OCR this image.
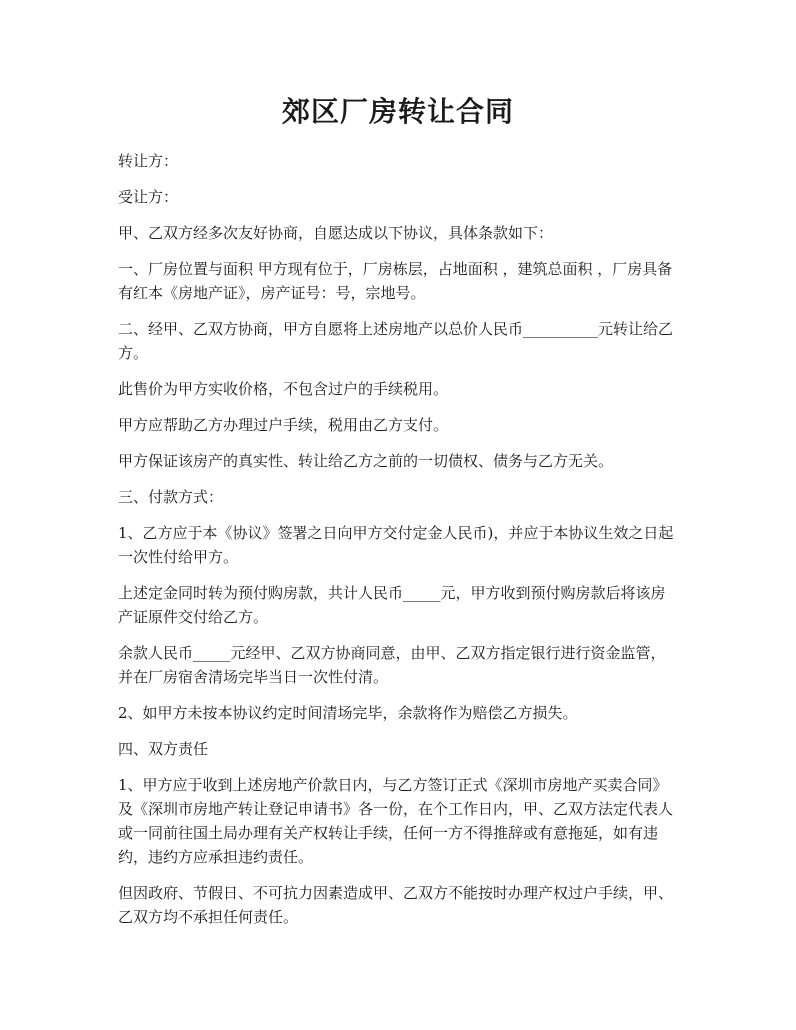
郊区厂房转让合同

转让方：

受让方：

甲、乙双方经多次友好协商，自愿达成以下协议，具体条款如下：

一、厂房位置与面积 甲方现有位于，厂房栋层，占地面积 ，建筑总面积 ，厂房具备有红本《房地产证》，房产证号：号，宗地号。

二、经甲、乙双方协商，甲方自愿将上述房地产以总价人民币__________元转让给乙方。

此售价为甲方实收价格，不包含过户的手续税用。

甲方应帮助乙方办理过户手续，税用由乙方支付。

甲方保证该房产的真实性、转让给乙方之前的一切债权、债务与乙方无关。

三、付款方式：

1、乙方应于本《协议》签署之日向甲方交付定金人民币)，并应于本协议生效之日起一次性付给甲方。

上述定金同时转为预付购房款，共计人民币_____元，甲方收到预付购房款后将该房产证原件交付给乙方。

余款人民币_____元经甲、乙双方协商同意，由甲、乙双方指定银行进行资金监管，并在厂房宿舍清场完毕当日一次性付清。

2、如甲方未按本协议约定时间清场完毕，余款将作为赔偿乙方损失。

四、双方责任

1、甲方应于收到上述房地产价款日内，与乙方签订正式《深圳市房地产买卖合同》及《深圳市房地产转让登记申请书》各一份，在个工作日内，甲、乙双方法定代表人或一同前往国土局办理有关产权转让手续，任何一方不得推辞或有意拖延，如有违约，违约方应承担违约责任。

但因政府、节假日、不可抗力因素造成甲、乙双方不能按时办理产权过户手续，甲、乙双方均不承担任何责任。
